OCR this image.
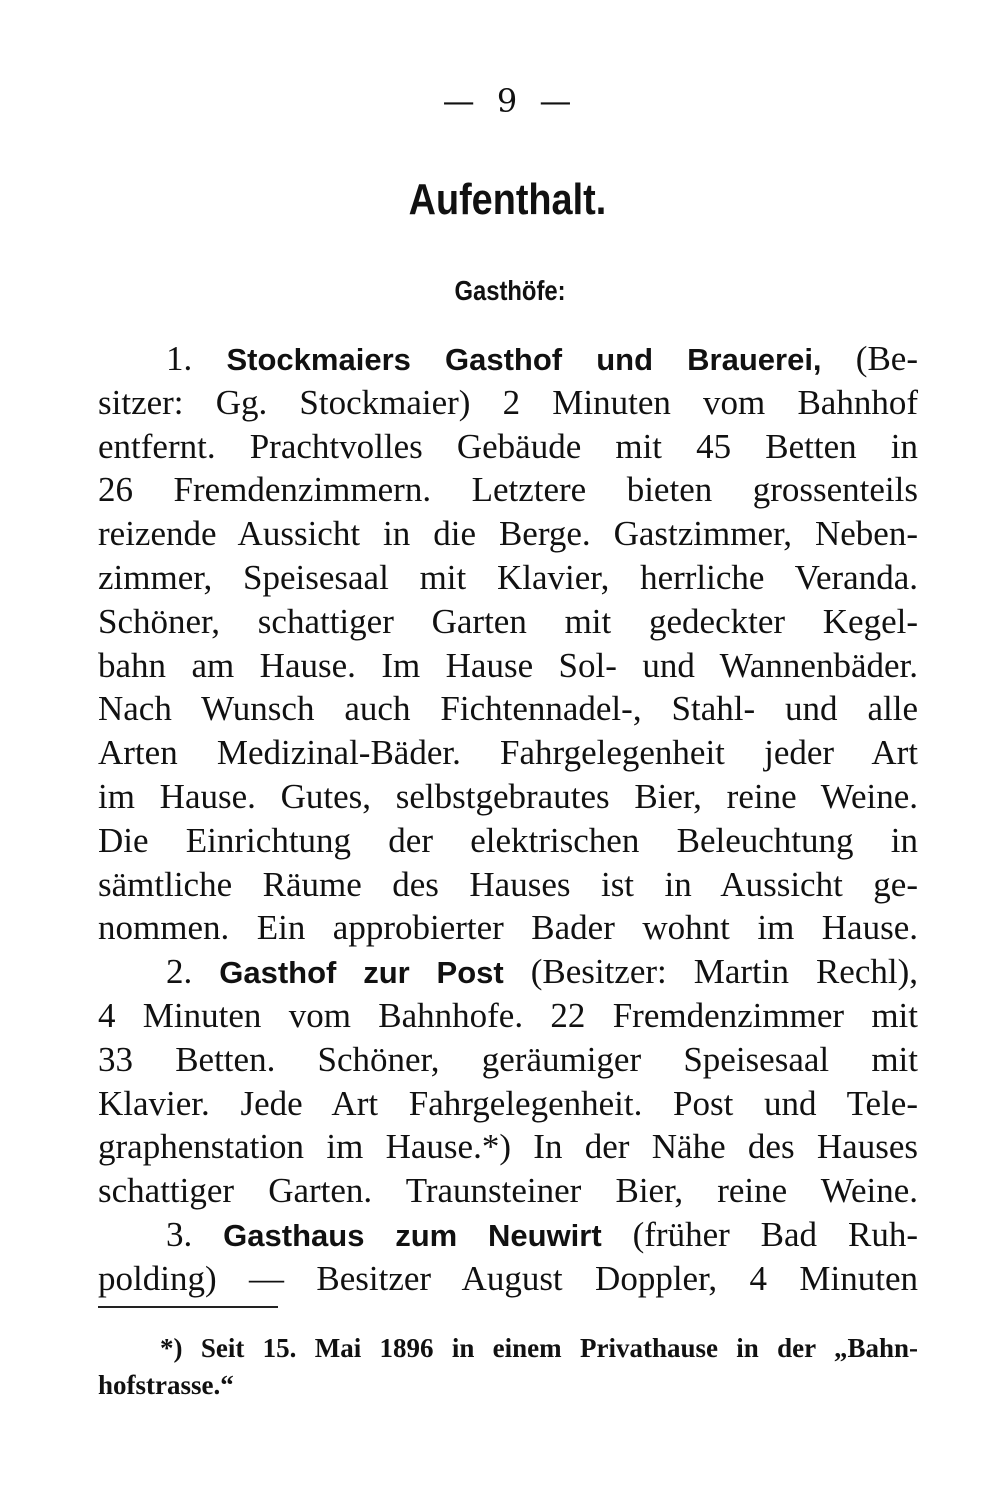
— 9 —
Aufenthalt.
Gasthöfe:
1. Stockmaiers Gasthof und Brauerei, (Be-
sitzer: Gg. Stockmaier) 2 Minuten vom Bahnhof
entfernt. Prachtvolles Gebäude mit 45 Betten in
26 Fremdenzimmern. Letztere bieten grossenteils
reizende Aussicht in die Berge. Gastzimmer, Neben-
zimmer, Speisesaal mit Klavier, herrliche Veranda.
Schöner, schattiger Garten mit gedeckter Kegel-
bahn am Hause. Im Hause Sol- und Wannenbäder.
Nach Wunsch auch Fichtennadel-, Stahl- und alle
Arten Medizinal-Bäder. Fahrgelegenheit jeder Art
im Hause. Gutes, selbstgebrautes Bier, reine Weine.
Die Einrichtung der elektrischen Beleuchtung in
sämtliche Räume des Hauses ist in Aussicht ge-
nommen. Ein approbierter Bader wohnt im Hause.
2. Gasthof zur Post (Besitzer: Martin Rechl),
4 Minuten vom Bahnhofe. 22 Fremdenzimmer mit
33 Betten. Schöner, geräumiger Speisesaal mit
Klavier. Jede Art Fahrgelegenheit. Post und Tele-
graphenstation im Hause.*) In der Nähe des Hauses
schattiger Garten. Traunsteiner Bier, reine Weine.
3. Gasthaus zum Neuwirt (früher Bad Ruh-
polding) — Besitzer August Doppler, 4 Minuten
*) Seit 15. Mai 1896 in einem Privathause in der „Bahn-
hofstrasse.“
